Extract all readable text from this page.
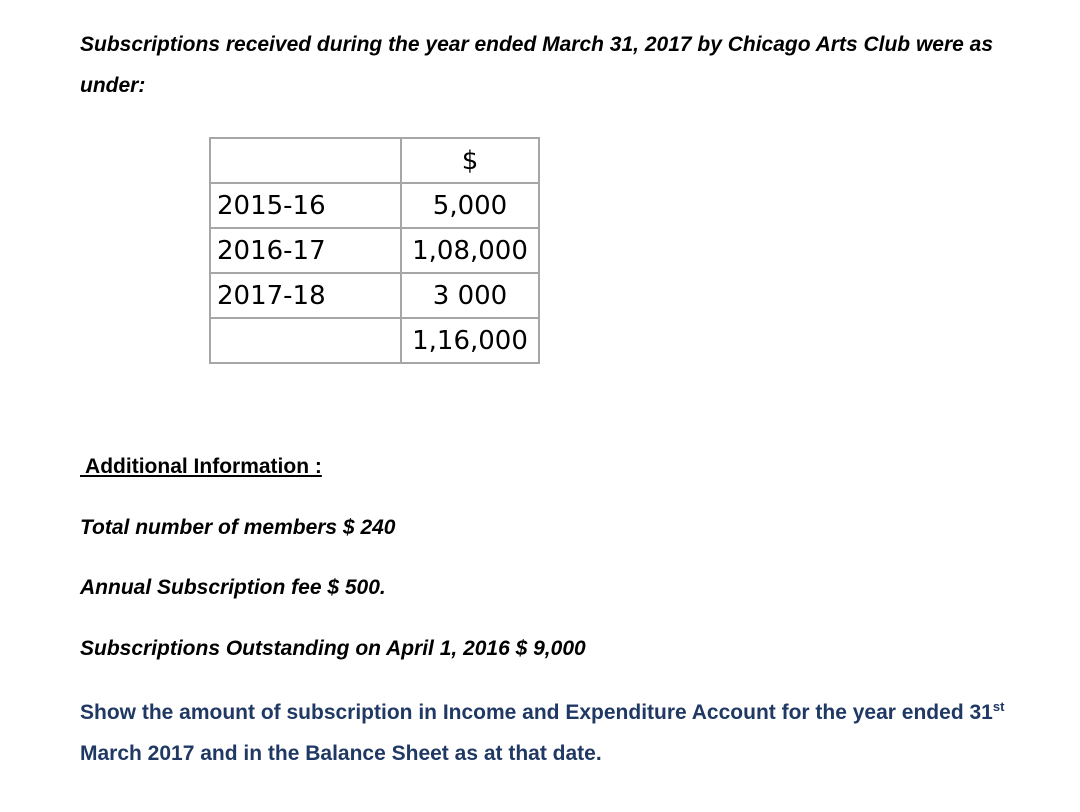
Subscriptions received during the year ended March 31, 2017 by Chicago Arts Club were as under:

	$
2015-16	5,000
2016-17	1,08,000
2017-18	3 000
	1,16,000

Additional Information :

Total number of members $ 240

Annual Subscription fee $ 500.

Subscriptions Outstanding on April 1, 2016 $ 9,000

Show the amount of subscription in Income and Expenditure Account for the year ended 31st March 2017 and in the Balance Sheet as at that date.
